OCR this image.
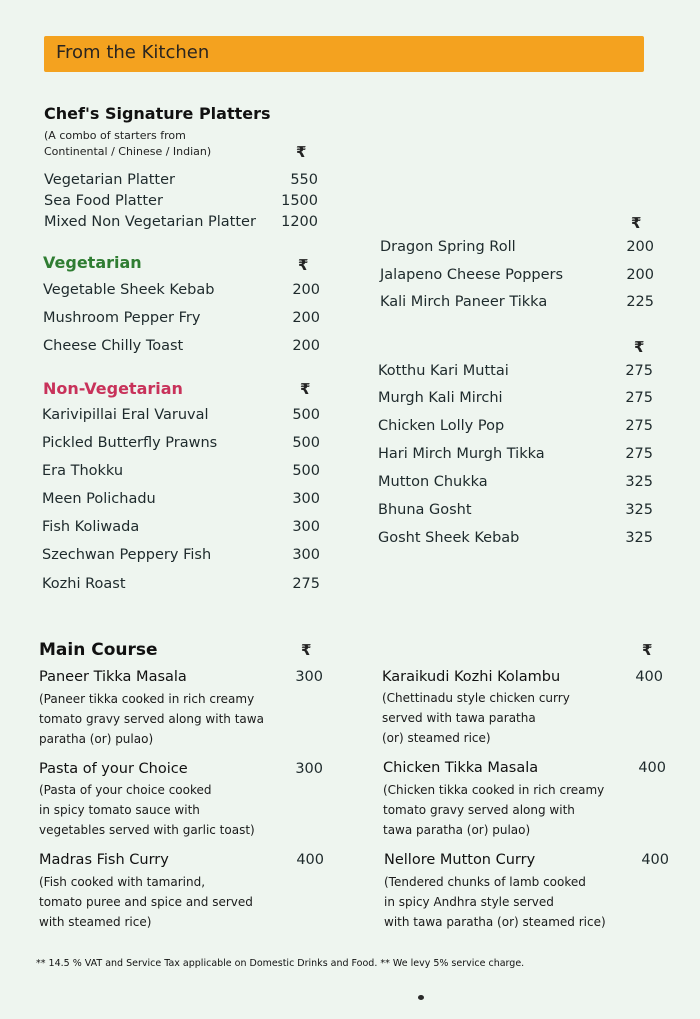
From the Kitchen
Chef's Signature Platters
(A combo of starters from
Continental / Chinese / Indian)	₹
Vegetarian Platter	550
Sea Food Platter	1500
Mixed Non Vegetarian Platter	1200
Vegetarian	₹
Vegetable Sheek Kebab	200
Mushroom Pepper Fry	200
Cheese Chilly Toast	200
₹
Dragon Spring Roll	200
Jalapeno Cheese Poppers	200
Kali Mirch Paneer Tikka	225
Non-Vegetarian	₹
Karivipillai Eral Varuval	500
Pickled Butterfly Prawns	500
Era Thokku	500
Meen Polichadu	300
Fish Koliwada	300
Szechwan Peppery Fish	300
Kozhi Roast	275
₹
Kotthu Kari Muttai	275
Murgh Kali Mirchi	275
Chicken Lolly Pop	275
Hari Mirch Murgh Tikka	275
Mutton Chukka	325
Bhuna Gosht	325
Gosht Sheek Kebab	325
Main Course	₹	₹
Paneer Tikka Masala	300
(Paneer tikka cooked in rich creamy
tomato gravy served along with tawa
paratha (or) pulao)
Pasta of your Choice	300
(Pasta of your choice cooked
in spicy tomato sauce with
vegetables served with garlic toast)
Madras Fish Curry	400
(Fish cooked with tamarind,
tomato puree and spice and served
with steamed rice)
Karaikudi Kozhi Kolambu	400
(Chettinadu style chicken curry
served with tawa paratha
(or) steamed rice)
Chicken Tikka Masala	400
(Chicken tikka cooked in rich creamy
tomato gravy served along with
tawa paratha (or) pulao)
Nellore Mutton Curry	400
(Tendered chunks of lamb cooked
in spicy Andhra style served
with tawa paratha (or) steamed rice)
** 14.5 % VAT and Service Tax applicable on Domestic Drinks and Food. ** We levy 5% service charge.
